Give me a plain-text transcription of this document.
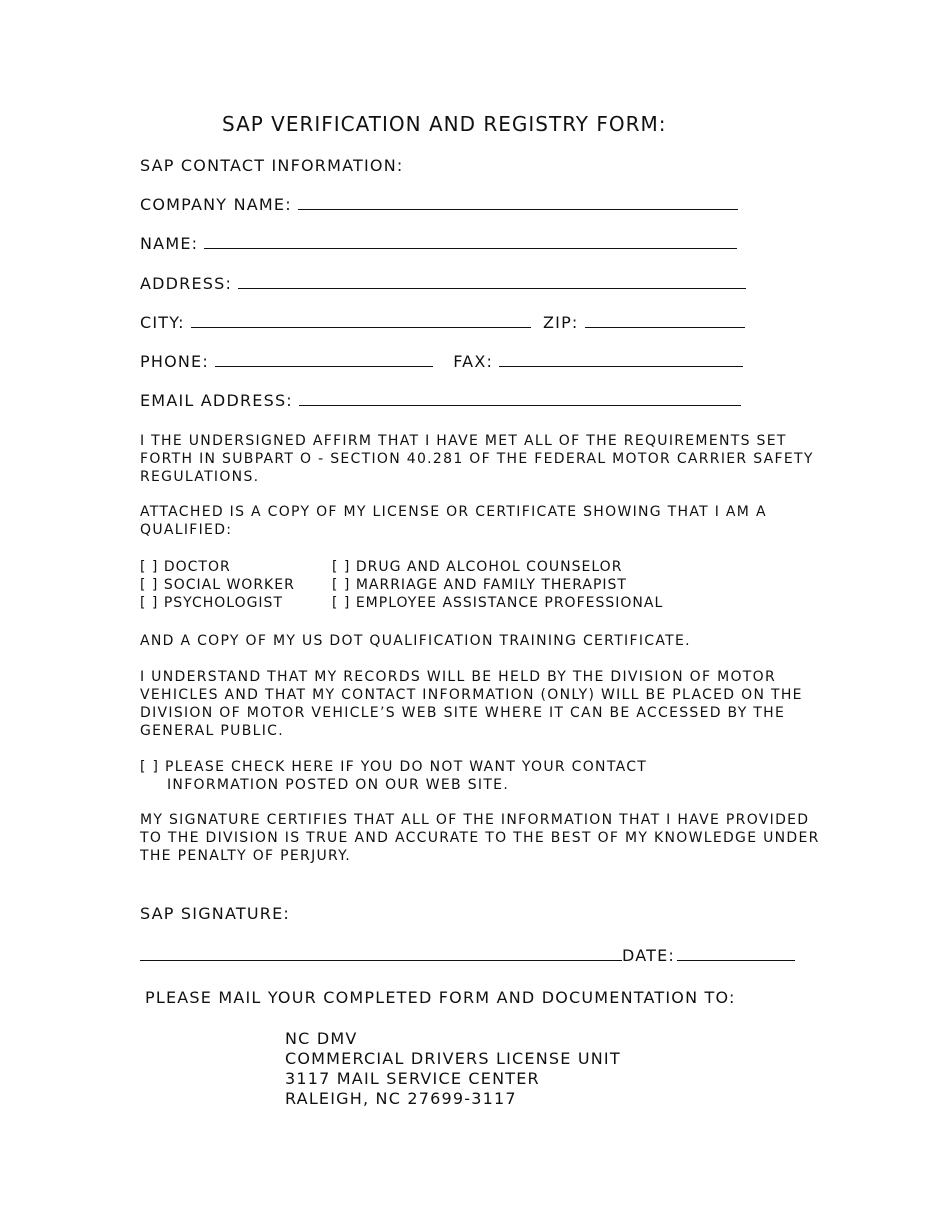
SAP VERIFICATION AND REGISTRY FORM:
SAP CONTACT INFORMATION:
COMPANY NAME:
NAME:
ADDRESS:
CITY:	ZIP:
PHONE:	FAX:
EMAIL ADDRESS:
I THE UNDERSIGNED AFFIRM THAT I HAVE MET ALL OF THE REQUIREMENTS SET
FORTH IN SUBPART O - SECTION 40.281 OF THE FEDERAL MOTOR CARRIER SAFETY
REGULATIONS.
ATTACHED IS A COPY OF MY LICENSE OR CERTIFICATE SHOWING THAT I AM A
QUALIFIED:
[ ] DOCTOR
[ ] SOCIAL WORKER
[ ] PSYCHOLOGIST
[ ] DRUG AND ALCOHOL COUNSELOR
[ ] MARRIAGE AND FAMILY THERAPIST
[ ] EMPLOYEE ASSISTANCE PROFESSIONAL
AND A COPY OF MY US DOT QUALIFICATION TRAINING CERTIFICATE.
I UNDERSTAND THAT MY RECORDS WILL BE HELD BY THE DIVISION OF MOTOR
VEHICLES AND THAT MY CONTACT INFORMATION (ONLY) WILL BE PLACED ON THE
DIVISION OF MOTOR VEHICLE’S WEB SITE WHERE IT CAN BE ACCESSED BY THE
GENERAL PUBLIC.
[ ] PLEASE CHECK HERE IF YOU DO NOT WANT YOUR CONTACT
INFORMATION POSTED ON OUR WEB SITE.
MY SIGNATURE CERTIFIES THAT ALL OF THE INFORMATION THAT I HAVE PROVIDED
TO THE DIVISION IS TRUE AND ACCURATE TO THE BEST OF MY KNOWLEDGE UNDER
THE PENALTY OF PERJURY.
SAP SIGNATURE:
DATE:
PLEASE MAIL YOUR COMPLETED FORM AND DOCUMENTATION TO:
NC DMV
COMMERCIAL DRIVERS LICENSE UNIT
3117 MAIL SERVICE CENTER
RALEIGH, NC 27699-3117
